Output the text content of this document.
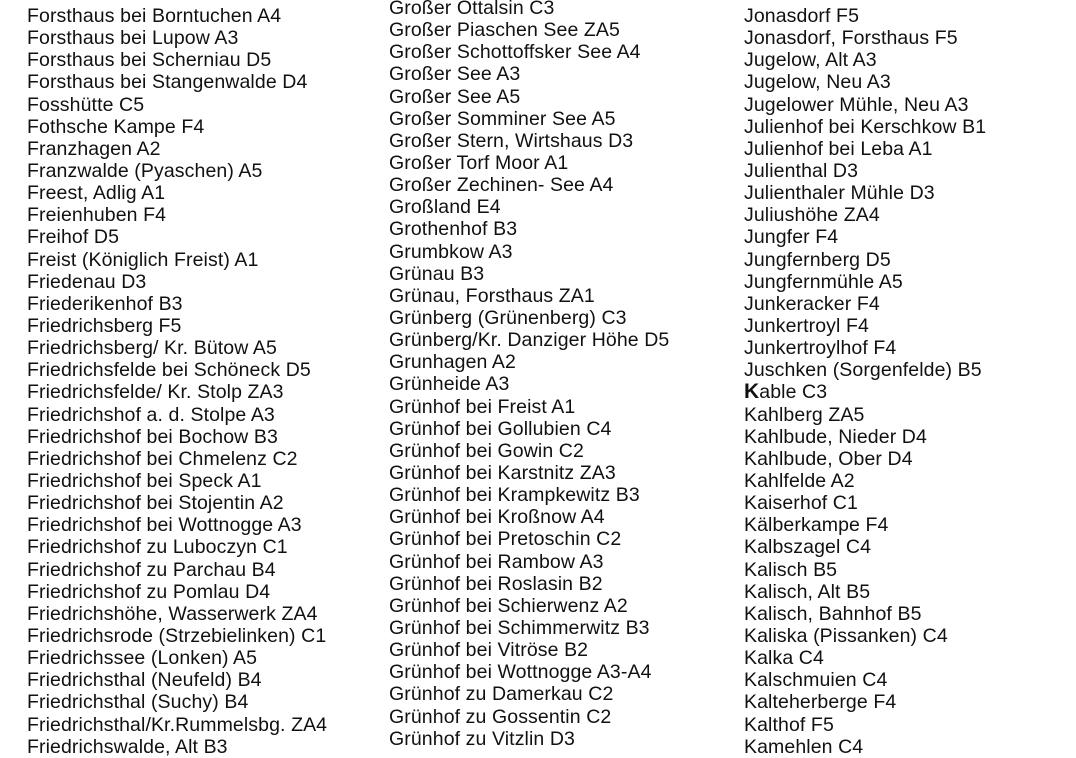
Forsthaus bei Borntuchen A4
Forsthaus bei Lupow A3
Forsthaus bei Scherniau D5
Forsthaus bei Stangenwalde D4
Fosshütte C5
Fothsche Kampe F4
Franzhagen A2
Franzwalde (Pyaschen) A5
Freest, Adlig A1
Freienhuben F4
Freihof D5
Freist (Königlich Freist) A1
Friedenau D3
Friederikenhof B3
Friedrichsberg F5
Friedrichsberg/ Kr. Bütow A5
Friedrichsfelde bei Schöneck D5
Friedrichsfelde/ Kr. Stolp ZA3
Friedrichshof a. d. Stolpe A3
Friedrichshof bei Bochow B3
Friedrichshof bei Chmelenz C2
Friedrichshof bei Speck A1
Friedrichshof bei Stojentin A2
Friedrichshof bei Wottnogge A3
Friedrichshof zu Luboczyn C1
Friedrichshof zu Parchau B4
Friedrichshof zu Pomlau D4
Friedrichshöhe, Wasserwerk ZA4
Friedrichsrode (Strzebielinken) C1
Friedrichssee (Lonken) A5
Friedrichsthal (Neufeld) B4
Friedrichsthal (Suchy) B4
Friedrichsthal/Kr.Rummelsbg. ZA4
Friedrichswalde, Alt B3
Großer Ottalsin C3
Großer Piaschen See ZA5
Großer Schottoffsker See A4
Großer See A3
Großer See A5
Großer Somminer See A5
Großer Stern, Wirtshaus D3
Großer Torf Moor A1
Großer Zechinen- See A4
Großland E4
Grothenhof B3
Grumbkow A3
Grünau B3
Grünau, Forsthaus ZA1
Grünberg (Grünenberg) C3
Grünberg/Kr. Danziger Höhe D5
Grunhagen A2
Grünheide A3
Grünhof bei Freist A1
Grünhof bei Gollubien C4
Grünhof bei Gowin C2
Grünhof bei Karstnitz ZA3
Grünhof bei Krampkewitz B3
Grünhof bei Kroßnow A4
Grünhof bei Pretoschin C2
Grünhof bei Rambow A3
Grünhof bei Roslasin B2
Grünhof bei Schierwenz A2
Grünhof bei Schimmerwitz B3
Grünhof bei Vitröse B2
Grünhof bei Wottnogge A3-A4
Grünhof zu Damerkau C2
Grünhof zu Gossentin C2
Grünhof zu Vitzlin D3
Jonasdorf F5
Jonasdorf, Forsthaus F5
Jugelow, Alt A3
Jugelow, Neu A3
Jugelower Mühle, Neu A3
Julienhof bei Kerschkow B1
Julienhof bei Leba A1
Julienthal D3
Julienthaler Mühle D3
Juliushöhe ZA4
Jungfer F4
Jungfernberg D5
Jungfernmühle A5
Junkeracker F4
Junkertroyl F4
Junkertroylhof F4
Juschken (Sorgenfelde) B5
Kable C3
Kahlberg ZA5
Kahlbude, Nieder D4
Kahlbude, Ober D4
Kahlfelde A2
Kaiserhof C1
Kälberkampe F4
Kalbszagel C4
Kalisch B5
Kalisch, Alt B5
Kalisch, Bahnhof B5
Kaliska (Pissanken) C4
Kalka C4
Kalschmuien C4
Kalteherberge F4
Kalthof F5
Kamehlen C4
